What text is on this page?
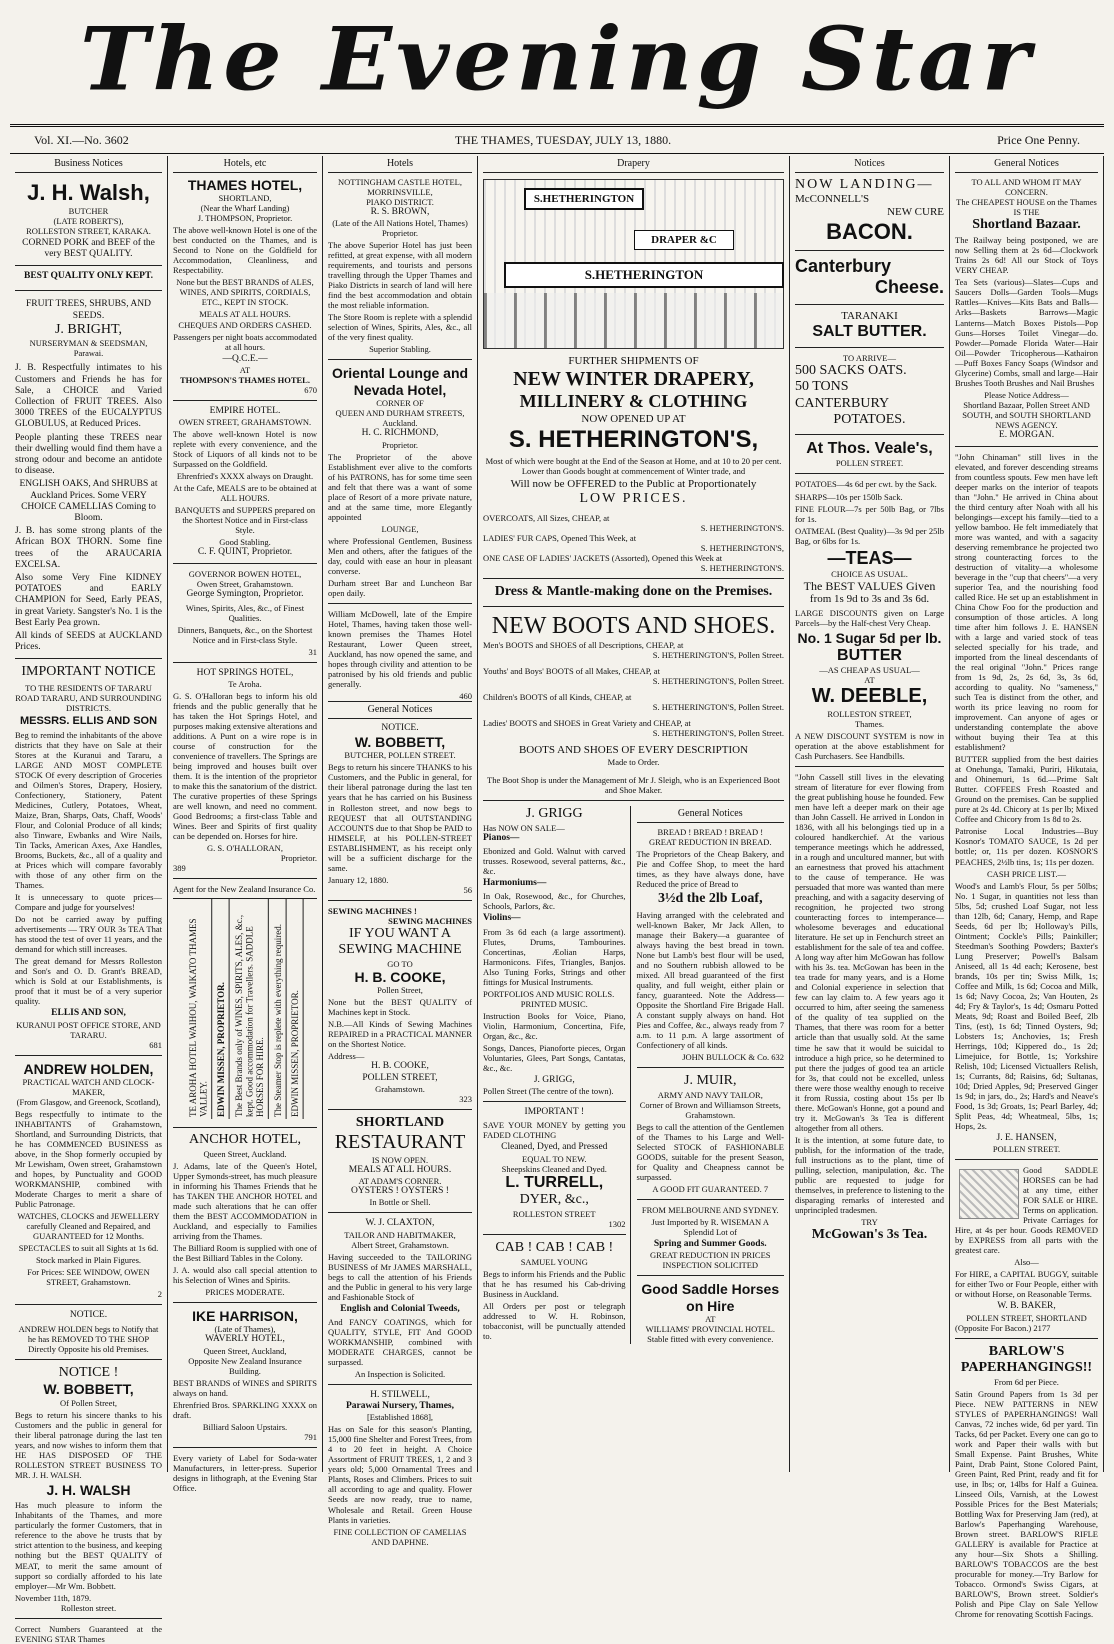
The Evening Star
Vol. XI.—No. 3602	THE THAMES, TUESDAY, JULY 13, 1880.	Price One Penny.
Business Notices
J. H. Walsh,
BUTCHER
(LATE ROBERT'S),
ROLLESTON STREET, KARAKA.

CORNED PORK and BEEF of the very BEST QUALITY.

BEST QUALITY ONLY KEPT.
FRUIT TREES, SHRUBS, AND SEEDS.
J. BRIGHT,
NURSERYMAN & SEEDSMAN,
Parawai.

J. B. Respectfully intimates to his Customers and Friends he has for Sale, a CHOICE and Varied Collection of FRUIT TREES. Also 3000 TREES of the EUCALYPTUS GLOBULUS, at Reduced Prices.

People planting these TREES near their dwelling would find them have a strong odour and become an antidote to disease.

ENGLISH OAKS, And SHRUBS at Auckland Prices. Some VERY CHOICE CAMELLIAS Coming to Bloom.

J. B. has some strong plants of the African BOX THORN. Some fine trees of the ARAUCARIA EXCELSA.

Also some Very Fine KIDNEY POTATOES and EARLY CHAMPION for Seed, Early PEAS, in great Variety. Sangster's No. 1 is the Best Early Pea grown.

All kinds of SEEDS at AUCKLAND Prices.

IMPORTANT NOTICE

TO THE RESIDENTS OF TARARU ROAD TARARU, AND SURROUNDING DISTRICTS.

MESSRS. ELLIS AND SON

Beg to remind the inhabitants of the above districts that they have on Sale at their Stores at the Kuranui and Tararu, a LARGE AND MOST COMPLETE STOCK Of every description of Groceries and Oilmen's Stores, Drapery, Hosiery, Confectionery, Stationery, Patent Medicines, Cutlery, Potatoes, Wheat, Maize, Bran, Sharps, Oats, Chaff, Woods' Flour, and Colonial Produce of all kinds; also Tinware, Ewbanks and Wire Nails, Tin Tacks, American Axes, Axe Handles, Brooms, Buckets, &c., all of a quality and at Prices which will compare favorably with those of any other firm on the Thames.

It is unnecessary to quote prices—Compare and judge for yourselves!

Do not be carried away by puffing advertisements — TRY OUR 3s TEA That has stood the test of over 11 years, and the demand for which still increases.

The great demand for Messrs Rolleston and Son's and O. D. Grant's BREAD, which is Sold at our Establishments, is proof that it must be of a very superior quality.

ELLIS AND SON,
KURANUI POST OFFICE STORE, AND TARARU.
681
ANDREW HOLDEN,
PRACTICAL WATCH AND CLOCK-MAKER,
(From Glasgow, and Greenock, Scotland),

Begs respectfully to intimate to the INHABITANTS of Grahamstown, Shortland, and Surrounding Districts, that he has COMMENCED BUSINESS as above, in the Shop formerly occupied by Mr Lewisham, Owen street, Grahamstown and hopes, by Punctuality and GOOD WORKMANSHIP, combined with Moderate Charges to merit a share of Public Patronage.

WATCHES, CLOCKS and JEWELLERY carefully Cleaned and Repaired, and GUARANTEED for 12 Months.

SPECTACLES to suit all Sights at 1s 6d.

Stock marked in Plain Figures.

For Prices: SEE WINDOW, OWEN STREET, Grahamstown.

2
NOTICE.

ANDREW HOLDEN begs to Notify that he has REMOVED TO THE SHOP Directly Opposite his old Premises.

NOTICE !
W. BOBBETT,
Of Pollen Street,

Begs to return his sincere thanks to his Customers and the public in general for their liberal patronage during the last ten years, and now wishes to inform them that HE HAS DISPOSED OF THE ROLLESTON STREET BUSINESS TO MR. J. H. WALSH.

J. H. WALSH

Has much pleasure to inform the Inhabitants of the Thames, and more particularly the former Customers, that in reference to the above he trusts that by strict attention to the business, and keeping nothing but the BEST QUALITY of MEAT, to merit the same amount of support so cordially afforded to his late employer—Mr Wm. Bobbett.

November 11th, 1879.
Rolleston street.

Correct Numbers Guaranteed at the EVENING STAR Thames

Hotels, etc
THAMES HOTEL,
SHORTLAND,
(Near the Wharf Landing)
J. THOMPSON, Proprietor.

The above well-known Hotel is one of the best conducted on the Thames, and is Second to None on the Goldfield for Accommodation, Cleanliness, and Respectability.

None but the BEST BRANDS of ALES, WINES, AND SPIRITS, CORDIALS, ETC., KEPT IN STOCK.

MEALS AT ALL HOURS.
CHEQUES AND ORDERS CASHED.

Passengers per night boats accommodated at all hours.

—Q.C.E.—
AT
THOMPSON'S THAMES HOTEL.
670
EMPIRE HOTEL.
OWEN STREET, GRAHAMSTOWN.

The above well-known Hotel is now replete with every convenience, and the Stock of Liquors of all kinds not to be Surpassed on the Goldfield.

Ehrenfried's XXXX always on Draught.

At the Cafe, MEALS are to be obtained at ALL HOURS.

BANQUETS and SUPPERS prepared on the Shortest Notice and in First-class Style.

Good Stabling.
C. F. QUINT, Proprietor.
GOVERNOR BOWEN HOTEL,
Owen Street, Grahamstown.
George Symington, Proprietor.

Wines, Spirits, Ales, &c., of Finest Qualities.

Dinners, Banquets, &c., on the Shortest Notice and in First-class Style.

31
HOT SPRINGS HOTEL,
Te Aroha.

G. S. O'Halloran begs to inform his old friends and the public generally that he has taken the Hot Springs Hotel, and purposes making extensive alterations and additions. A Punt on a wire rope is in course of construction for the convenience of travellers. The Springs are being improved and houses built over them. It is the intention of the proprietor to make this the sanatorium of the district. The curative properties of these Springs are well known, and need no comment. Good Bedrooms; a first-class Table and Wines. Beer and Spirits of first quality can be depended on. Horses for hire.

G. S. O'HALLORAN,
Proprietor.
389
Agent for the New Zealand Insurance Co.
TE AROHA HOTEL WAIHOU, WAIKATO THAMES VALLEY. EDWIN MISSEN, PROPRIETOR. The Best Brands only of WINES, SPIRITS, ALES, &c., kept. Good accommodation for Travellers. SADDLE HORSES FOR HIRE. The Steamer Stop is replete with everything required. EDWIN MISSEN, PROPRIETOR.
ANCHOR HOTEL,
Queen Street, Auckland.

J. Adams, late of the Queen's Hotel, Upper Symonds-street, has much pleasure in informing his Thames Friends that he has TAKEN THE ANCHOR HOTEL and made such alterations that he can offer them the BEST ACCOMMODATION in Auckland, and especially to Families arriving from the Thames.

The Billiard Room is supplied with one of the Best Billiard Tables in the Colony.

J. A. would also call special attention to his Selection of Wines and Spirits.

PRICES MODERATE.
IKE HARRISON,
(Late of Thames),
WAVERLY HOTEL,
Queen Street, Auckland,
Opposite New Zealand Insurance Building.

BEST BRANDS of WINES and SPIRITS always on hand.

Ehrenfried Bros. SPARKLING XXXX on draft.

Billiard Saloon Upstairs.
791

Every variety of Label for Soda-water Manufacturers, in letter-press. Superior designs in lithograph, at the Evening Star Office.

Hotels
NOTTINGHAM CASTLE HOTEL,
MORRINSVILLE,
PIAKO DISTRICT.
R. S. BROWN,
(Late of the All Nations Hotel, Thames) Proprietor.

The above Superior Hotel has just been refitted, at great expense, with all modern requirements, and tourists and persons travelling through the Upper Thames and Piako Districts in search of land will here find the best accommodation and obtain the most reliable information.

The Store Room is replete with a splendid selection of Wines, Spirits, Ales, &c., all of the very finest quality.

Superior Stabling.
Oriental Lounge and Nevada Hotel,
CORNER OF
QUEEN AND DURHAM STREETS,
Auckland.
H. C. RICHMOND,
Proprietor.

The Proprietor of the above Establishment ever alive to the comforts of his PATRONS, has for some time seen and felt that there was a want of some place of Resort of a more private nature, and at the same time, more Elegantly appointed

LOUNGE,

where Professional Gentlemen, Business Men and others, after the fatigues of the day, could with ease an hour in pleasant converse.

Durham street Bar and Luncheon Bar open daily.

William McDowell, late of the Empire Hotel, Thames, having taken those well-known premises the Thames Hotel Restaurant, Lower Queen street, Auckland, has now opened the same, and hopes through civility and attention to be patronised by his old friends and public generally.

460
General Notices
NOTICE.
W. BOBBETT,
BUTCHER, POLLEN STREET.

Begs to return his sincere THANKS to his Customers, and the Public in general, for their liberal patronage during the last ten years that he has carried on his Business in Rolleston street, and now begs to REQUEST that all OUTSTANDING ACCOUNTS due to that Shop be PAID to HIMSELF, at his POLLEN-STREET ESTABLISHMENT, as his receipt only will be a sufficient discharge for the same.

January 12, 1880.
56
SEWING MACHINES !
SEWING MACHINES
IF YOU WANT A SEWING MACHINE
GO TO
H. B. COOKE,
Pollen Street,

None but the BEST QUALITY of Machines kept in Stock.

N.B.—All Kinds of Sewing Machines REPAIRED in a PRACTICAL MANNER on the Shortest Notice.

Address—
H. B. COOKE,
POLLEN STREET,
Grahamstown.
323
SHORTLAND
RESTAURANT
IS NOW OPEN.
MEALS AT ALL HOURS.
AT ADAM'S CORNER.
OYSTERS ! OYSTERS !
In Bottle or Shell.
W. J. CLAXTON,
TAILOR AND HABITMAKER,
Albert Street, Grahamstown.

Having succeeded to the TAILORING BUSINESS of Mr JAMES MARSHALL, begs to call the attention of his Friends and the Public in general to his very large and Fashionable Stock of

English and Colonial Tweeds,

And FANCY COATINGS, which for QUALITY, STYLE, FIT And GOOD WORKMANSHIP, combined with MODERATE CHARGES, cannot be surpassed.

An Inspection is Solicited.
H. STILWELL,
Parawai Nursery, Thames,
[Established 1868],

Has on Sale for this season's Planting, 15,000 fine Shelter and Forest Trees, from 4 to 20 feet in height. A Choice Assortment of FRUIT TREES, 1, 2 and 3 years old; 5,000 Ornamental Trees and Plants, Roses and Climbers. Prices to suit all according to age and quality. Flower Seeds are now ready, true to name, Wholesale and Retail. Green House Plants in varieties.

FINE COLLECTION OF CAMELIAS AND DAPHNE.
Drapery
S.HETHERINGTON
DRAPER &C
S.HETHERINGTON
FURTHER SHIPMENTS OF
NEW WINTER DRAPERY,
MILLINERY & CLOTHING
NOW OPENED UP AT
S. HETHERINGTON'S,

Most of which were bought at the End of the Season at Home, and at 10 to 20 per cent. Lower than Goods bought at commencement of Winter trade, and

Will now be OFFERED to the Public at Proportionately
LOW PRICES.
OVERCOATS, All Sizes, CHEAP, at
S. HETHERINGTON'S.
LADIES' FUR CAPS, Opened This Week, at
S. HETHERINGTON'S,
ONE CASE OF LADIES' JACKETS (Assorted), Opened this Week at
S. HETHERINGTON'S.
Dress & Mantle-making done on the Premises.
NEW BOOTS AND SHOES.
Men's BOOTS and SHOES of all Descriptions, CHEAP, at
S. HETHERINGTON'S, Pollen Street.
Youths' and Boys' BOOTS of all Makes, CHEAP, at
S. HETHERINGTON'S, Pollen Street.
Children's BOOTS of all Kinds, CHEAP, at
S. HETHERINGTON'S, Pollen Street.
Ladies' BOOTS and SHOES in Great Variety and CHEAP, at
S. HETHERINGTON'S, Pollen Street.
BOOTS AND SHOES OF EVERY DESCRIPTION
Made to Order.

The Boot Shop is under the Management of Mr J. Sleigh, who is an Experienced Boot and Shoe Maker.

J. GRIGG
Has NOW ON SALE—
Pianos—

Ebonized and Gold. Walnut with carved trusses. Rosewood, several patterns, &c., &c.

Harmoniums—

In Oak, Rosewood, &c., for Churches, Schools, Parlors, &c.

Violins—

From 3s 6d each (a large assortment). Flutes, Drums, Tambourines. Concertinas, Æolian Harps, Harmonicons. Fifes, Triangles, Banjos. Also Tuning Forks, Strings and other fittings for Musical Instruments.

PORTFOLIOS AND MUSIC ROLLS.
PRINTED MUSIC.

Instruction Books for Voice, Piano, Violin, Harmonium, Concertina, Fife, Organ, &c., &c.

Songs, Dances, Pianoforte pieces, Organ Voluntaries, Glees, Part Songs, Cantatas, &c., &c.

J. GRIGG,
Pollen Street (The centre of the town).
IMPORTANT !

SAVE YOUR MONEY by getting you FADED CLOTHING

Cleaned, Dyed, and Pressed
EQUAL TO NEW.
Sheepskins Cleaned and Dyed.
L. TURRELL,
DYER, &c.,
ROLLESTON STREET
1302
CAB ! CAB ! CAB !
SAMUEL YOUNG

Begs to inform his Friends and the Public that he has resumed his Cab-driving Business in Auckland.

All Orders per post or telegraph addressed to W. H. Robinson, tobacconist, will be punctually attended to.

General Notices
BREAD ! BREAD ! BREAD !
GREAT REDUCTION IN BREAD.

The Proprietors of the Cheap Bakery, and Pie and Coffee Shop, to meet the hard times, as they have always done, have Reduced the price of Bread to

3½d the 2lb Loaf,

Having arranged with the celebrated and well-known Baker, Mr Jack Allen, to manage their Bakery—a guarantee of always having the best bread in town. None but Lamb's best flour will be used, and no Southern rubbish allowed to be mixed. All bread guaranteed of the first quality, and full weight, either plain or fancy, guaranteed. Note the Address—Opposite the Shortland Fire Brigade Hall. A constant supply always on hand. Hot Pies and Coffee, &c., always ready from 7 a.m. to 11 p.m. A large assortment of Confectionery of all kinds.

JOHN BULLOCK & Co. 632
J. MUIR,
ARMY AND NAVY TAILOR,
Corner of Brown and Williamson Streets, Grahamstown.

Begs to call the attention of the Gentlemen of the Thames to his Large and Well-Selected STOCK of FASHIONABLE GOODS, suitable for the present Season, for Quality and Cheapness cannot be surpassed.

A GOOD FIT GUARANTEED. 7
FROM MELBOURNE AND SYDNEY.

Just Imported by R. WISEMAN A Splendid Lot of

Spring and Summer Goods.
GREAT REDUCTION IN PRICES
INSPECTION SOLICITED
Good Saddle Horses on Hire
AT
WILLIAMS' PROVINCIAL HOTEL.
Stable fitted with every convenience.
Notices
NOW LANDING—
McCONNELL'S
NEW CURE
BACON.
Canterbury
Cheese.
TARANAKI
SALT BUTTER.
TO ARRIVE—
500 SACKS OATS.
50 TONS CANTERBURY
POTATOES.
At Thos. Veale's,
POLLEN STREET.

POTATOES—4s 6d per cwt. by the Sack.

SHARPS—10s per 150lb Sack.

FINE FLOUR—7s per 50lb Bag, or 7lbs for 1s.

OATMEAL (Best Quality)—3s 9d per 25lb Bag, or 6lbs for 1s.

—TEAS—
CHOICE AS USUAL.
The BEST VALUES Given
from 1s 9d to 3s and 3s 6d.

LARGE DISCOUNTS given on Large Parcels—by the Half-chest Very Cheap.

No. 1 Sugar 5d per lb.
BUTTER
—AS CHEAP AS USUAL—
AT
W. DEEBLE,
ROLLESTON STREET,
Thames.

A NEW DISCOUNT SYSTEM is now in operation at the above establishment for Cash Purchasers. See Handbills.

"John Cassell still lives in the elevating stream of literature for ever flowing from the great publishing house he founded. Few men have left a deeper mark on their age than John Cassell. He arrived in London in 1836, with all his belongings tied up in a coloured handkerchief. At the various temperance meetings which he addressed, in a rough and uncultured manner, but with an earnestness that proved his attachment to the cause of temperance. He was persuaded that more was wanted than mere preaching, and with a sagacity deserving of recognition, he projected two strong counteracting forces to intemperance—wholesome beverages and educational literature. He set up in Fenchurch street an establishment for the sale of tea and coffee. A long way after him McGowan has follow with his 3s. tea. McGowan has been in the tea trade for many years, and is a Home and Colonial experience in selection that few can lay claim to. A few years ago it occurred to him, after seeing the sameness of the quality of tea supplied on the Thames, that there was room for a better article than that usually sold. At the same time he saw that it would be suicidal to introduce a high price, so he determined to put there the judges of good tea an article for 3s, that could not be excelled, unless there were those wealthy enough to receive it from Russia, costing about 15s per lb there. McGowan's Honne, got a pound and try it. McGowan's 3s Tea is different altogether from all others.

It is the intention, at some future date, to publish, for the information of the trade, full instructions as to the plant, time of pulling, selection, manipulation, &c. The public are requested to judge for themselves, in preference to listening to the disparaging remarks of interested and unprincipled tradesmen.

TRY
McGowan's 3s Tea.
General Notices
TO ALL AND WHOM IT MAY CONCERN.
The CHEAPEST HOUSE on the Thames IS THE
Shortland Bazaar.

The Railway being postponed, we are now Selling them at 2s 6d—Clockwork Trains 2s 6d! All our Stock of Toys VERY CHEAP.

Tea Sets (various)—Slates—Cups and Saucers Dolls—Garden Tools—Mugs Rattles—Knives—Kits Bats and Balls—Arks—Baskets Barrows—Magic Lanterns—Match Boxes Pistols—Pop Guns—Horses Toilet Vinegar—do. Powder—Pomade Florida Water—Hair Oil—Powder Tricopherous—Kathairon—Puff Boxes Fancy Soaps (Windsor and Glycerine) Combs, small and large—Hair Brushes Tooth Brushes and Nail Brushes

Please Notice Address—
Shortland Bazaar, Pollen Street AND
SOUTH, and SOUTH SHORTLAND NEWS AGENCY.
E. MORGAN.

"John Chinaman" still lives in the elevated, and forever descending streams from countless spouts. Few men have left deeper marks on the interior of teapots than "John." He arrived in China about the third century after Noah with all his belongings—except his family—tied to a yellow bamboo. He felt immediately that more was wanted, and with a sagacity deserving remembrance he projected two strong counteracting forces to the destruction of vitality—a wholesome beverage in the "cup that cheers"—a very superior Tea, and the nourishing food called Rice. He set up an establishment in China Chow Foo for the production and consumption of those articles. A long time after him follows J. E. HANSEN with a large and varied stock of teas selected specially for his trade, and imported from the lineal descendants of the real original "John." Prices range from 1s 9d, 2s, 2s 6d, 3s, 3s 6d, according to quality. No "sameness," such Tea is distinct from the other, and worth its price leaving no room for improvement. Can anyone of ages or understanding contemplate the above without buying their Tea at this establishment?

BUTTER supplied from the best dairies at Onehunga, Tamaki, Puriri, Hikutaia, and Ohinemuri, 1s 6d.—Prime Salt Butter. COFFEES Fresh Roasted and Ground on the premises. Can be supplied pure at 2s 4d. Chicory at 1s per lb; Mixed Coffee and Chicory from 1s 8d to 2s.

Patronise Local Industries—Buy Kosnor's TOMATO SAUCE, 1s 2d per bottle; or, 11s per dozen. KOSNOR'S PEACHES, 2½lb tins, 1s; 11s per dozen.

CASH PRICE LIST.—

Wood's and Lamb's Flour, 5s per 50lbs; No. 1 Sugar, in quantities not less than 5lbs, 5d; crushed Loaf Sugar, not less than 12lb, 6d; Canary, Hemp, and Rape Seeds, 6d per lb; Holloway's Pills, Ointment; Cockle's Pills; Painkiller; Steedman's Soothing Powders; Baxter's Lung Preserver; Powell's Balsam Aniseed, all 1s 4d each; Kerosene, best brands, 10s per tin; Swiss Milk, 1s; Coffee and Milk, 1s 6d; Cocoa and Milk, 1s 6d; Navy Cocoa, 2s; Van Houten, 2s 4d; Fry & Taylor's, 1s 4d; Osmaru Potted Meats, 9d; Roast and Boiled Beef, 2lb Tins, (est), 1s 6d; Tinned Oysters, 9d; Lobsters 1s; Anchovies, 1s; Fresh Herrings, 10d; Kippered do., 1s 2d; Limejuice, for Bottle, 1s; Yorkshire Relish, 10d; Licensed Victuallers Relish, 1s; Currants, 8d; Raisins, 6d; Sultanas, 10d; Dried Apples, 9d; Preserved Ginger 1s 9d; in jars, do., 2s; Hard's and Neave's Food, 1s 3d; Groats, 1s; Pearl Barley, 4d; Split Peas, 4d; Wheatmeal, 5lbs, 1s; Hops, 2s.

J. E. HANSEN,
POLLEN STREET.

Good SADDLE HORSES can be had at any time, either FOR SALE or HIRE. Terms on application. Private Carriages for Hire, at 4s per hour. Goods REMOVED by EXPRESS from all parts with the greatest care.

Also—

For HIRE, a CAPITAL BUGGY, suitable for either Two or Four People, either with or without Horse, on Reasonable Terms.

W. B. BAKER,
POLLEN STREET, SHORTLAND
(Opposite For Bacon.) 2177
BARLOW'S PAPERHANGINGS!!
From 6d per Piece.

Satin Ground Papers from 1s 3d per Piece. NEW PATTERNS in NEW STYLES of PAPERHANGINGS! Wall Canvas, 72 inches wide, 6d per yard. Tin Tacks, 6d per Packet. Every one can go to work and Paper their walls with but Small Expense. Paint Brushes, White Paint, Drab Paint, Stone Colored Paint, Green Paint, Red Print, ready and fit for use, in lbs; or, 14lbs for Half a Guinea. Linseed Oils, Varnish, at the Lowest Possible Prices for the Best Materials; Bottling Wax for Preserving Jam (red), at Barlow's Paperhanging Warehouse, Brown street. BARLOW'S RIFLE GALLERY is available for Practice at any hour—Six Shots a Shilling. BARLOW'S TOBACCOS are the best procurable for money.—Try Barlow for Tobacco. Ormond's Swiss Cigars, at BARLOW'S, Brown street. Soldier's Polish and Pipe Clay on Sale Yellow Chrome for renovating Scottish Facings.
